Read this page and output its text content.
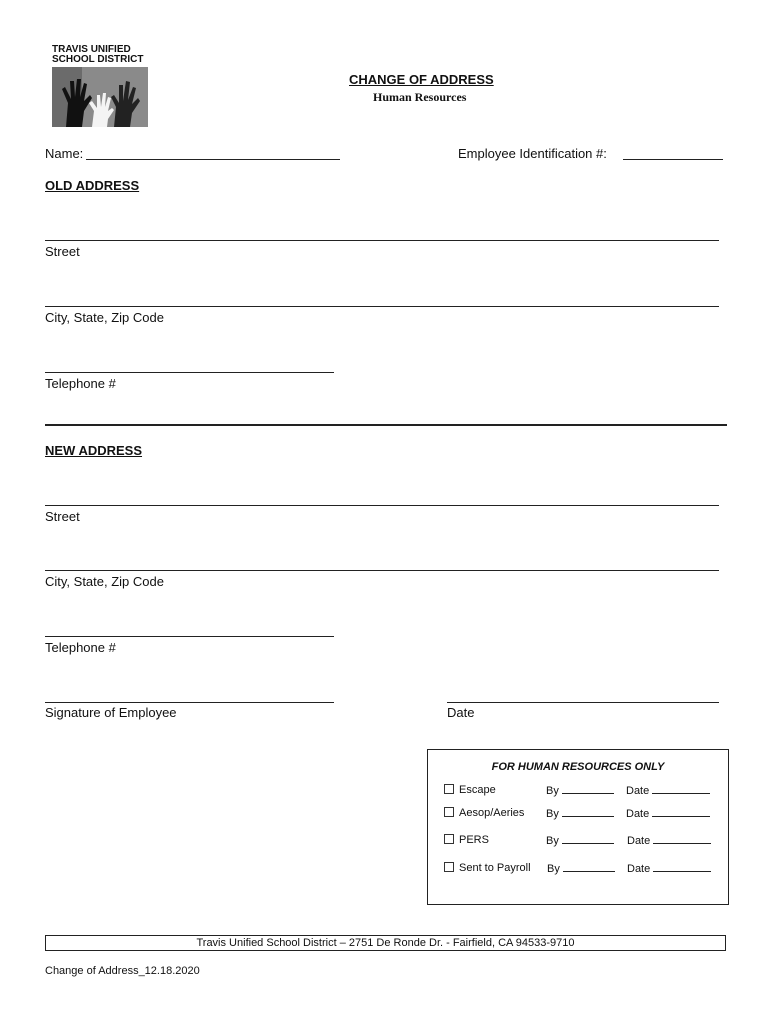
TRAVIS UNIFIED
SCHOOL DISTRICT
CHANGE OF ADDRESS
Human Resources
Name:	Employee Identification #:
OLD ADDRESS
Street
City, State, Zip Code
Telephone #
NEW ADDRESS
Street
City, State, Zip Code
Telephone #
Signature of Employee	Date
FOR HUMAN RESOURCES ONLY
Escape	By	Date
Aesop/Aeries By	Date
PERS	By	Date
Sent to Payroll By	Date
Travis Unified School District – 2751 De Ronde Dr. - Fairfield, CA 94533-9710
Change of Address_12.18.2020
